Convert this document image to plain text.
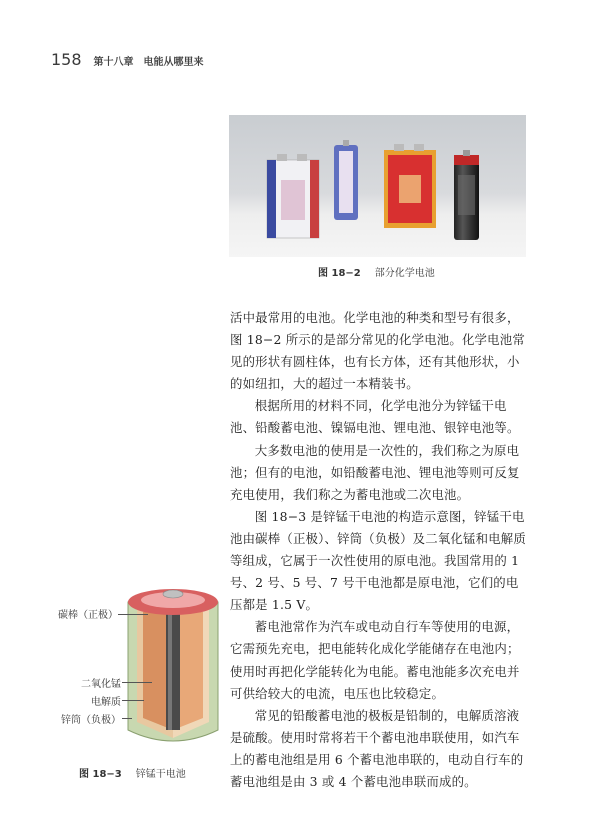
158 第十八章　电能从哪里来
图 18−2 部分化学电池

活中最常用的电池。化学电池的种类和型号有很多，图 18−2 所示的是部分常见的化学电池。化学电池常见的形状有圆柱体，也有长方体，还有其他形状，小的如纽扣，大的超过一本精装书。

根据所用的材料不同，化学电池分为锌锰干电池、铅酸蓄电池、镍镉电池、锂电池、银锌电池等。

大多数电池的使用是一次性的，我们称之为原电池；但有的电池，如铅酸蓄电池、锂电池等则可反复充电使用，我们称之为蓄电池或二次电池。

图 18−3 是锌锰干电池的构造示意图，锌锰干电池由碳棒（正极）、锌筒（负极）及二氧化锰和电解质等组成，它属于一次性使用的原电池。我国常用的 1 号、2 号、5 号、7 号干电池都是原电池，它们的电压都是 1.5 V。

蓄电池常作为汽车或电动自行车等使用的电源，它需预先充电，把电能转化成化学能储存在电池内；使用时再把化学能转化为电能。蓄电池能多次充电并可供给较大的电流，电压也比较稳定。

常见的铅酸蓄电池的极板是铅制的，电解质溶液是硫酸。使用时常将若干个蓄电池串联使用，如汽车上的蓄电池组是用 6 个蓄电池串联的，电动自行车的蓄电池组是由 3 或 4 个蓄电池串联而成的。

碳棒（正极）
二氧化锰
电解质
锌筒（负极）
图 18−3 锌锰干电池
